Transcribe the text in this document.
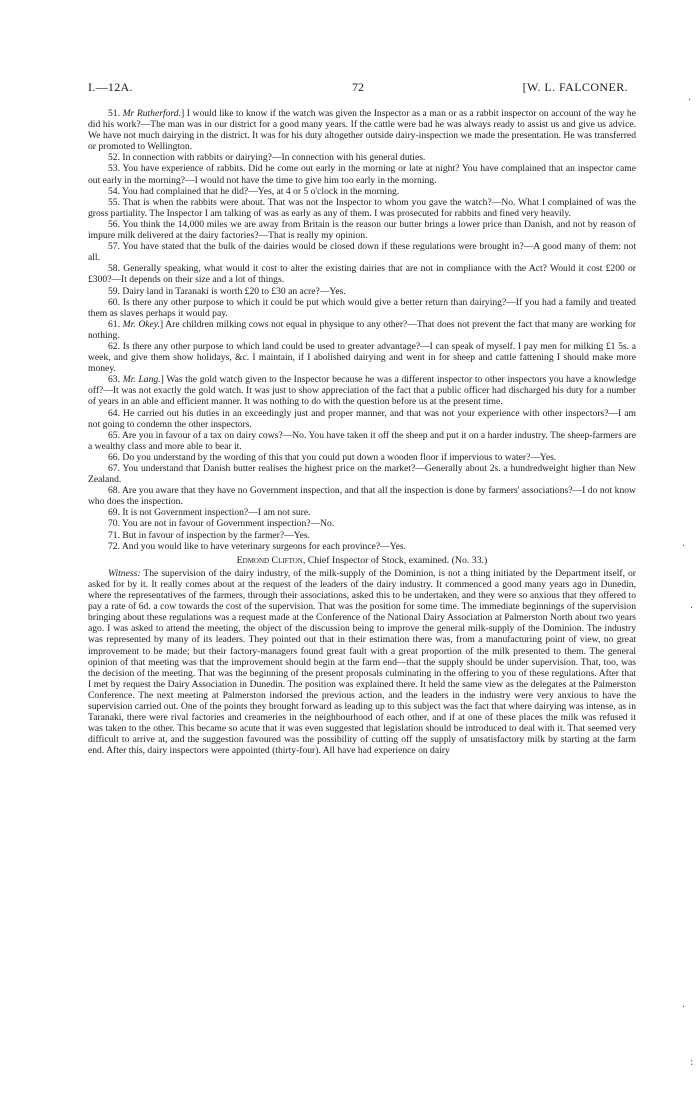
I.—12A.	72	[W. L. FALCONER.

51. Mr Rutherford.] I would like to know if the watch was given the Inspector as a man or as a rabbit inspector on account of the way he did his work?—The man was in our district for a good many years. If the cattle were bad he was always ready to assist us and give us advice. We have not much dairying in the district. It was for his duty altogether outside dairy-inspection we made the presentation. He was transferred or promoted to Wellington.

52. In connection with rabbits or dairying?—In connection with his general duties.

53. You have experience of rabbits. Did he come out early in the morning or late at night? You have complained that an inspector came out early in the morning?—I would not have the time to give him too early in the morning.

54. You had complained that he did?—Yes, at 4 or 5 o'clock in the morning.

55. That is when the rabbits were about. That was not the Inspector to whom you gave the watch?—No. What I complained of was the gross partiality. The Inspector I am talking of was as early as any of them. I was prosecuted for rabbits and fined very heavily.

56. You think the 14,000 miles we are away from Britain is the reason our butter brings a lower price than Danish, and not by reason of impure milk delivered at the dairy factories?—That is really my opinion.

57. You have stated that the bulk of the dairies would be closed down if these regulations were brought in?—A good many of them: not all.

58. Generally speaking, what would it cost to alter the existing dairies that are not in compliance with the Act? Would it cost £200 or £300?—It depends on their size and a lot of things.

59. Dairy land in Taranaki is worth £20 to £30 an acre?—Yes.

60. Is there any other purpose to which it could be put which would give a better return than dairying?—If you had a family and treated them as slaves perhaps it would pay.

61. Mr. Okey.] Are children milking cows not equal in physique to any other?—That does not prevent the fact that many are working for nothing.

62. Is there any other purpose to which land could be used to greater advantage?—I can speak of myself. I pay men for milking £1 5s. a week, and give them show holidays, &c. I maintain, if I abolished dairying and went in for sheep and cattle fattening I should make more money.

63. Mr. Lang.] Was the gold watch given to the Inspector because he was a different inspector to other inspectors you have a knowledge off?—It was not exactly the gold watch. It was just to show appreciation of the fact that a public officer had discharged his duty for a number of years in an able and efficient manner. It was nothing to do with the question before us at the present time.

64. He carried out his duties in an exceedingly just and proper manner, and that was not your experience with other inspectors?—I am not going to condemn the other inspectors.

65. Are you in favour of a tax on dairy cows?—No. You have taken it off the sheep and put it on a harder industry. The sheep-farmers are a wealthy class and more able to bear it.

66. Do you understand by the wording of this that you could put down a wooden floor if impervious to water?—Yes.

67. You understand that Danish butter realises the highest price on the market?—Generally about 2s. a hundredweight higher than New Zealand.

68. Are you aware that they have no Government inspection, and that all the inspection is done by farmers' associations?—I do not know who does the inspection.

69. It is not Government inspection?—I am not sure.

70. You are not in favour of Government inspection?—No.

71. But in favour of inspection by the farmer?—Yes.

72. And you would like to have veterinary surgeons for each province?—Yes.

Edmond Clifton, Chief Inspector of Stock, examined. (No. 33.)

Witness: The supervision of the dairy industry, of the milk-supply of the Dominion, is not a thing initiated by the Department itself, or asked for by it. It really comes about at the request of the leaders of the dairy industry. It commenced a good many years ago in Dunedin, where the representatives of the farmers, through their associations, asked this to be undertaken, and they were so anxious that they offered to pay a rate of 6d. a cow towards the cost of the supervision. That was the position for some time. The immediate beginnings of the supervision bringing about these regulations was a request made at the Conference of the National Dairy Association at Palmerston North about two years ago. I was asked to attend the meeting, the object of the discussion being to improve the general milk-supply of the Dominion. The industry was represented by many of its leaders. They pointed out that in their estimation there was, from a manufacturing point of view, no great improvement to be made; but their factory-managers found great fault with a great proportion of the milk presented to them. The general opinion of that meeting was that the improvement should begin at the farm end—that the supply should be under supervision. That, too, was the decision of the meeting. That was the beginning of the present proposals culminating in the offering to you of these regulations. After that I met by request the Dairy Association in Dunedin. The position was explained there. It held the same view as the delegates at the Palmerston Conference. The next meeting at Palmerston indorsed the previous action, and the leaders in the industry were very anxious to have the supervision carried out. One of the points they brought forward as leading up to this subject was the fact that where dairying was intense, as in Taranaki, there were rival factories and creameries in the neighbourhood of each other, and if at one of these places the milk was refused it was taken to the other. This became so acute that it was even suggested that legislation should be introduced to deal with it. That seemed very difficult to arrive at, and the suggestion favoured was the possibility of cutting off the supply of unsatisfactory milk by starting at the farm end. After this, dairy inspectors were appointed (thirty-four). All have had experience on dairy

·
·
·
·
:
